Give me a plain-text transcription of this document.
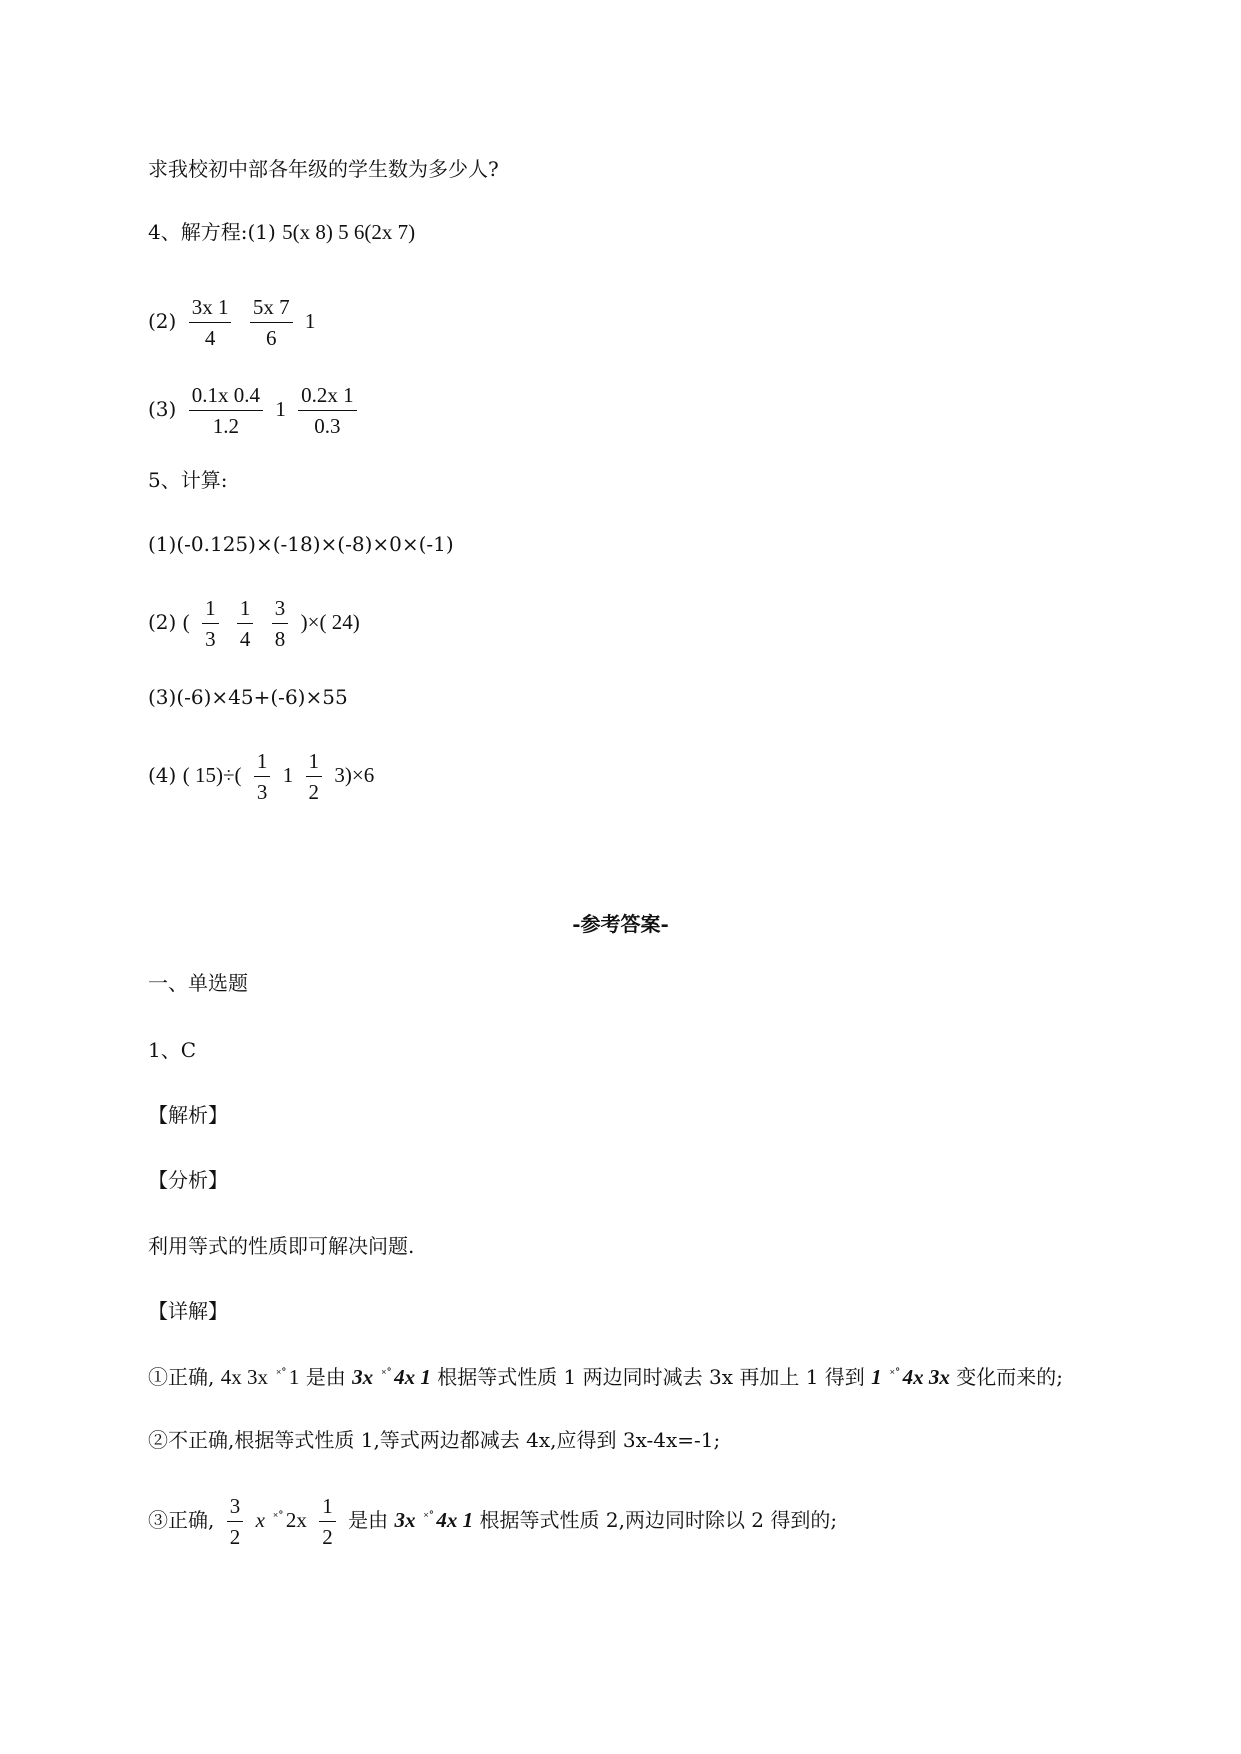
求我校初中部各年级的学生数为多少人?
4、解方程:(1) 5(x 8) 5 6(2x 7)
$(2) \frac{3x 1}{4}$
$\frac{5x 7}{6} 1$
$(3) \frac{0.1x 0.4}{1.2} 1 \frac{0.2x 1}{0.3}$
5、计算:
(1)(-0.125)×(-18)×(-8)×0×(-1)
(2) ( $\frac{1}{3}$
$\frac{1}{4}$
$\frac{3}{8}$ )×( 24)
(3)(-6)×45+(-6)×55
(4) ( $15)\div( \frac{1}{3} 1 \frac{1}{2} 3)\times 6$
-参考答案-
一、单选题
1、C
【解析】
【分析】
利用等式的性质即可解决问题.
【详解】
①正确, 4x 3x ˟˚1 是由 3x ˟˚4x 1 根据等式性质 1 两边同时减去 3x 再加上 1 得到 1 ˟˚4x 3x 变化而来的;
②不正确,根据等式性质 1,等式两边都减去 4x,应得到 3x-4x=-1;
③正确, $\frac{3}{2}$ x $^{˟˚}2x \frac{1}{2}$ 是由 3x ˟˚4x 1 根据等式性质 2,两边同时除以 2 得到的;
